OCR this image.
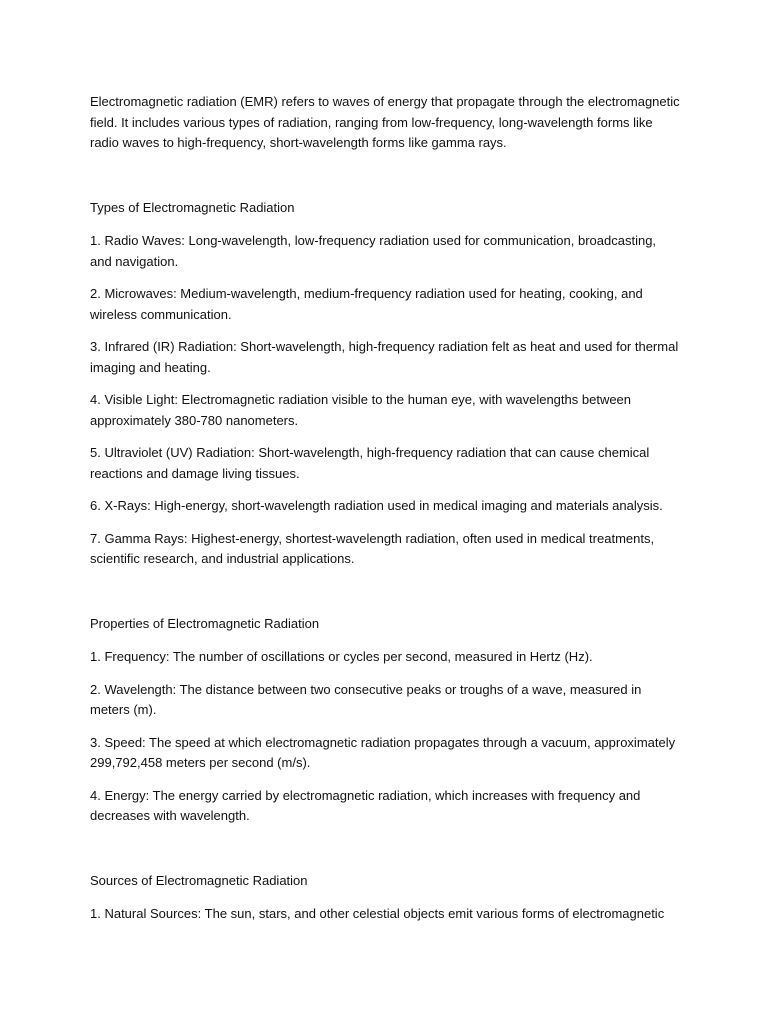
Electromagnetic radiation (EMR) refers to waves of energy that propagate through the electromagnetic field. It includes various types of radiation, ranging from low-frequency, long-wavelength forms like radio waves to high-frequency, short-wavelength forms like gamma rays.

Types of Electromagnetic Radiation

1. Radio Waves: Long-wavelength, low-frequency radiation used for communication, broadcasting, and navigation.

2. Microwaves: Medium-wavelength, medium-frequency radiation used for heating, cooking, and wireless communication.

3. Infrared (IR) Radiation: Short-wavelength, high-frequency radiation felt as heat and used for thermal imaging and heating.

4. Visible Light: Electromagnetic radiation visible to the human eye, with wavelengths between approximately 380-780 nanometers.

5. Ultraviolet (UV) Radiation: Short-wavelength, high-frequency radiation that can cause chemical reactions and damage living tissues.

6. X-Rays: High-energy, short-wavelength radiation used in medical imaging and materials analysis.

7. Gamma Rays: Highest-energy, shortest-wavelength radiation, often used in medical treatments, scientific research, and industrial applications.

Properties of Electromagnetic Radiation

1. Frequency: The number of oscillations or cycles per second, measured in Hertz (Hz).

2. Wavelength: The distance between two consecutive peaks or troughs of a wave, measured in meters (m).

3. Speed: The speed at which electromagnetic radiation propagates through a vacuum, approximately 299,792,458 meters per second (m/s).

4. Energy: The energy carried by electromagnetic radiation, which increases with frequency and decreases with wavelength.

Sources of Electromagnetic Radiation

1. Natural Sources: The sun, stars, and other celestial objects emit various forms of electromagnetic
